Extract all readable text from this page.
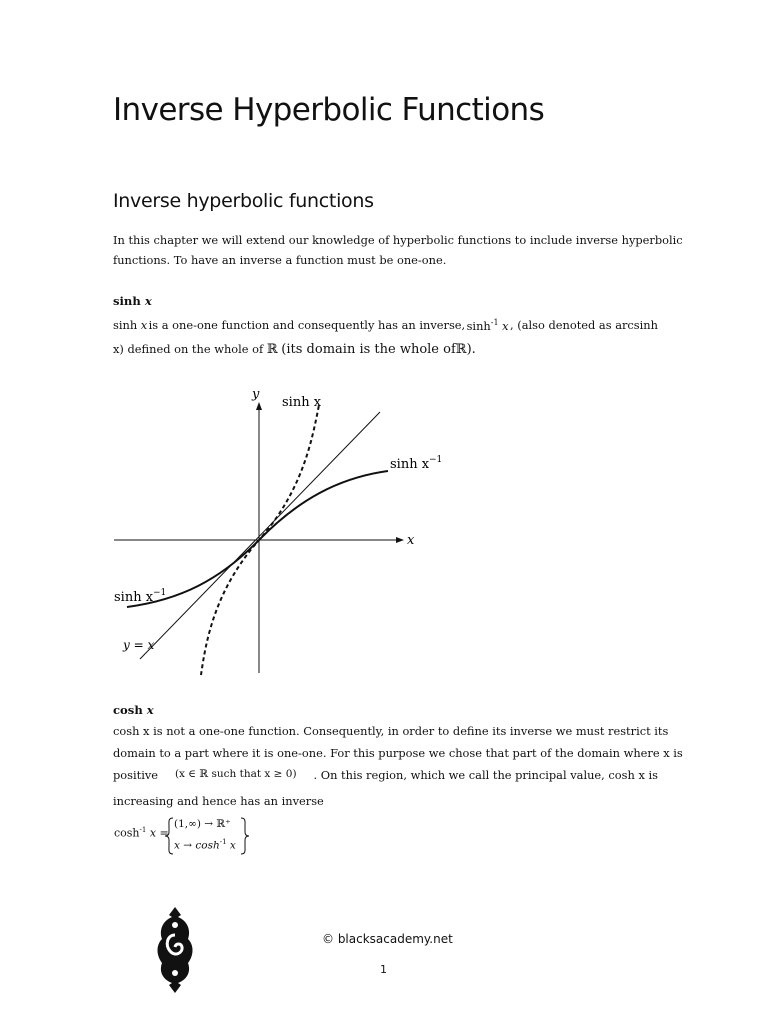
Inverse Hyperbolic Functions
Inverse hyperbolic functions
In this chapter we will extend our knowledge of hyperbolic functions to include inverse hyperbolic
functions. To have an inverse a function must be one-one.
sinh x
sinh x is a one-one function and consequently has an inverse, $\sinh^{-1} x$ , (also denoted as arcsinh
x) defined on the whole of ℝ (its domain is the whole ofℝ).
y
x
sinh x
sinh x −1
sinh x −1
y = x
cosh x
cosh x is not a one-one function. Consequently, in order to define its inverse we must restrict its
domain to a part where it is one-one. For this purpose we chose that part of the domain where x is
positive (x ∈ ℝ such that x ≥ 0) . On this region, which we call the principal value, cosh x is
increasing and hence has an inverse
$\cosh^{-1} x$ =
(1,∞) → ℝ⁺
$x \to \cosh^{-1} x$
© blacksacademy.net
1
